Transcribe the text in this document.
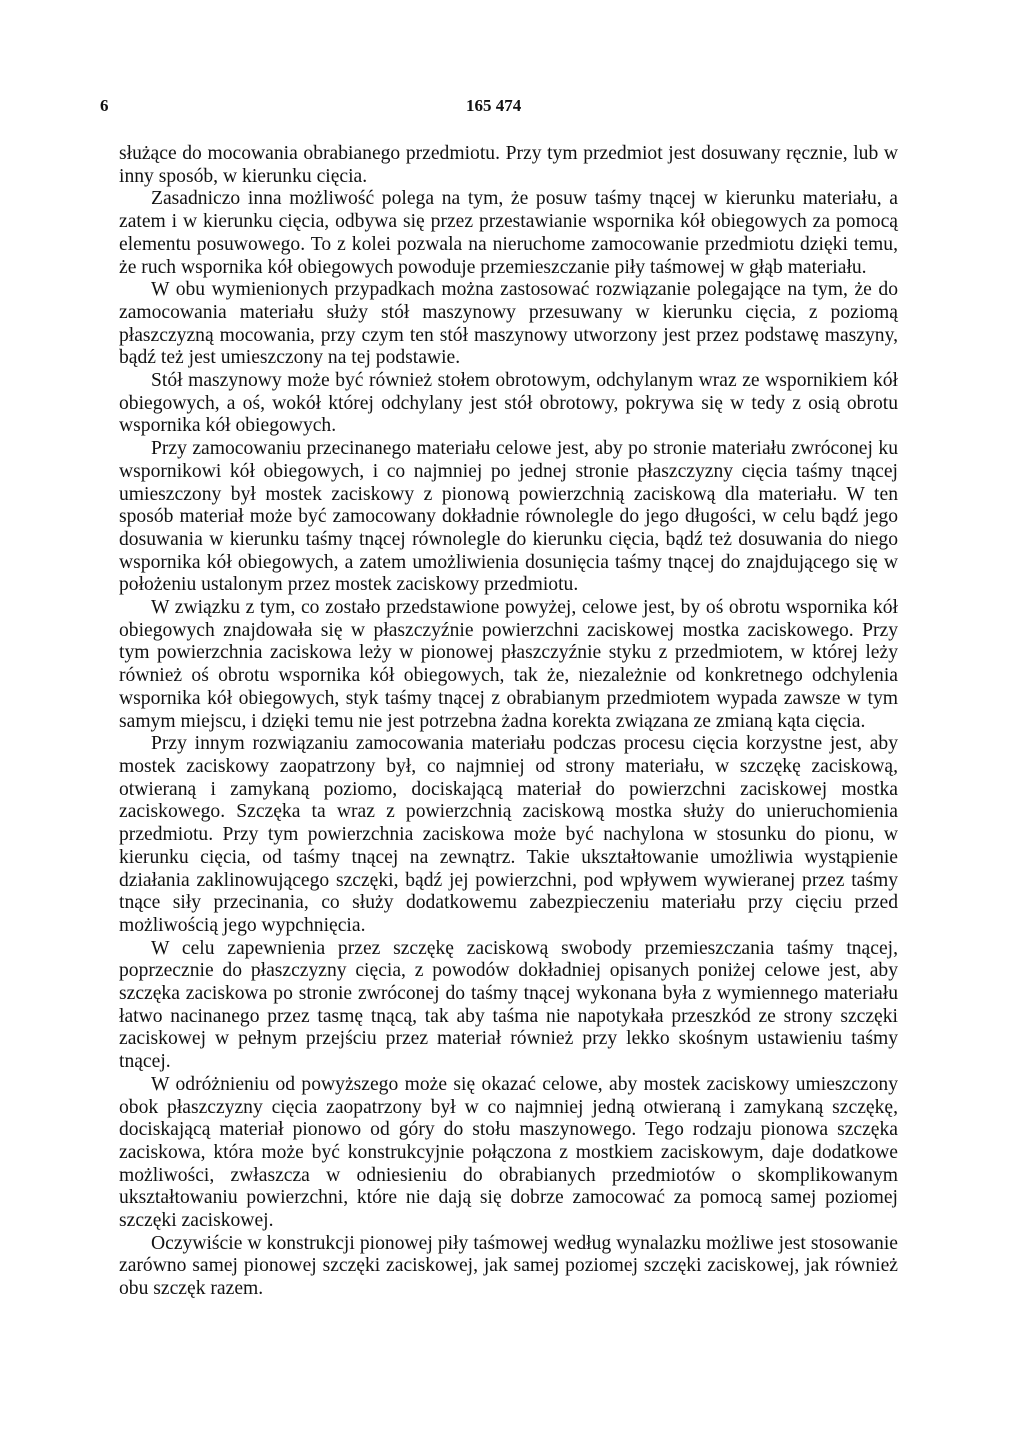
6	165 474

służące do mocowania obrabianego przedmiotu. Przy tym przedmiot jest dosuwany ręcznie, lub w inny sposób, w kierunku cięcia.

Zasadniczo inna możliwość polega na tym, że posuw taśmy tnącej w kierunku materiału, a zatem i w kierunku cięcia, odbywa się przez przestawianie wspornika kół obiegowych za pomocą elementu posuwowego. To z kolei pozwala na nieruchome zamocowanie przedmiotu dzięki temu, że ruch wspornika kół obiegowych powoduje przemieszczanie piły taśmowej w głąb materiału.

W obu wymienionych przypadkach można zastosować rozwiązanie polegające na tym, że do zamocowania materiału służy stół maszynowy przesuwany w kierunku cięcia, z poziomą płaszczyzną mocowania, przy czym ten stół maszynowy utworzony jest przez podstawę maszyny, bądź też jest umieszczony na tej podstawie.

Stół maszynowy może być również stołem obrotowym, odchylanym wraz ze wspornikiem kół obiegowych, a oś, wokół której odchylany jest stół obrotowy, pokrywa się w tedy z osią obrotu wspornika kół obiegowych.

Przy zamocowaniu przecinanego materiału celowe jest, aby po stronie materiału zwróconej ku wspornikowi kół obiegowych, i co najmniej po jednej stronie płaszczyzny cięcia taśmy tnącej umieszczony był mostek zaciskowy z pionową powierzchnią zaciskową dla materiału. W ten sposób materiał może być zamocowany dokładnie równolegle do jego długości, w celu bądź jego dosuwania w kierunku taśmy tnącej równolegle do kierunku cięcia, bądź też dosuwania do niego wspornika kół obiegowych, a zatem umożliwienia dosunięcia taśmy tnącej do znajdującego się w położeniu ustalonym przez mostek zaciskowy przedmiotu.

W związku z tym, co zostało przedstawione powyżej, celowe jest, by oś obrotu wspornika kół obiegowych znajdowała się w płaszczyźnie powierzchni zaciskowej mostka zaciskowego. Przy tym powierzchnia zaciskowa leży w pionowej płaszczyźnie styku z przedmiotem, w której leży również oś obrotu wspornika kół obiegowych, tak że, niezależnie od konkretnego odchylenia wspornika kół obiegowych, styk taśmy tnącej z obrabianym przedmiotem wypada zawsze w tym samym miejscu, i dzięki temu nie jest potrzebna żadna korekta związana ze zmianą kąta cięcia.

Przy innym rozwiązaniu zamocowania materiału podczas procesu cięcia korzystne jest, aby mostek zaciskowy zaopatrzony był, co najmniej od strony materiału, w szczękę zaciskową, otwieraną i zamykaną poziomo, dociskającą materiał do powierzchni zaciskowej mostka zaciskowego. Szczęka ta wraz z powierzchnią zaciskową mostka służy do unieruchomienia przedmiotu. Przy tym powierzchnia zaciskowa może być nachylona w stosunku do pionu, w kierunku cięcia, od taśmy tnącej na zewnątrz. Takie ukształtowanie umożliwia wystąpienie działania zaklinowującego szczęki, bądź jej powierzchni, pod wpływem wywieranej przez taśmy tnące siły przecinania, co służy dodatkowemu zabezpieczeniu materiału przy cięciu przed możliwością jego wypchnięcia.

W celu zapewnienia przez szczękę zaciskową swobody przemieszczania taśmy tnącej, poprzecznie do płaszczyzny cięcia, z powodów dokładniej opisanych poniżej celowe jest, aby szczęka zaciskowa po stronie zwróconej do taśmy tnącej wykonana była z wymiennego materiału łatwo nacinanego przez tasmę tnącą, tak aby taśma nie napotykała przeszkód ze strony szczęki zaciskowej w pełnym przejściu przez materiał również przy lekko skośnym ustawieniu taśmy tnącej.

W odróżnieniu od powyższego może się okazać celowe, aby mostek zaciskowy umieszczony obok płaszczyzny cięcia zaopatrzony był w co najmniej jedną otwieraną i zamykaną szczękę, dociskającą materiał pionowo od góry do stołu maszynowego. Tego rodzaju pionowa szczęka zaciskowa, która może być konstrukcyjnie połączona z mostkiem zaciskowym, daje dodatkowe możliwości, zwłaszcza w odniesieniu do obrabianych przedmiotów o skomplikowanym ukształtowaniu powierzchni, które nie dają się dobrze zamocować za pomocą samej poziomej szczęki zaciskowej.

Oczywiście w konstrukcji pionowej piły taśmowej według wynalazku możliwe jest stosowanie zarówno samej pionowej szczęki zaciskowej, jak samej poziomej szczęki zaciskowej, jak również obu szczęk razem.
